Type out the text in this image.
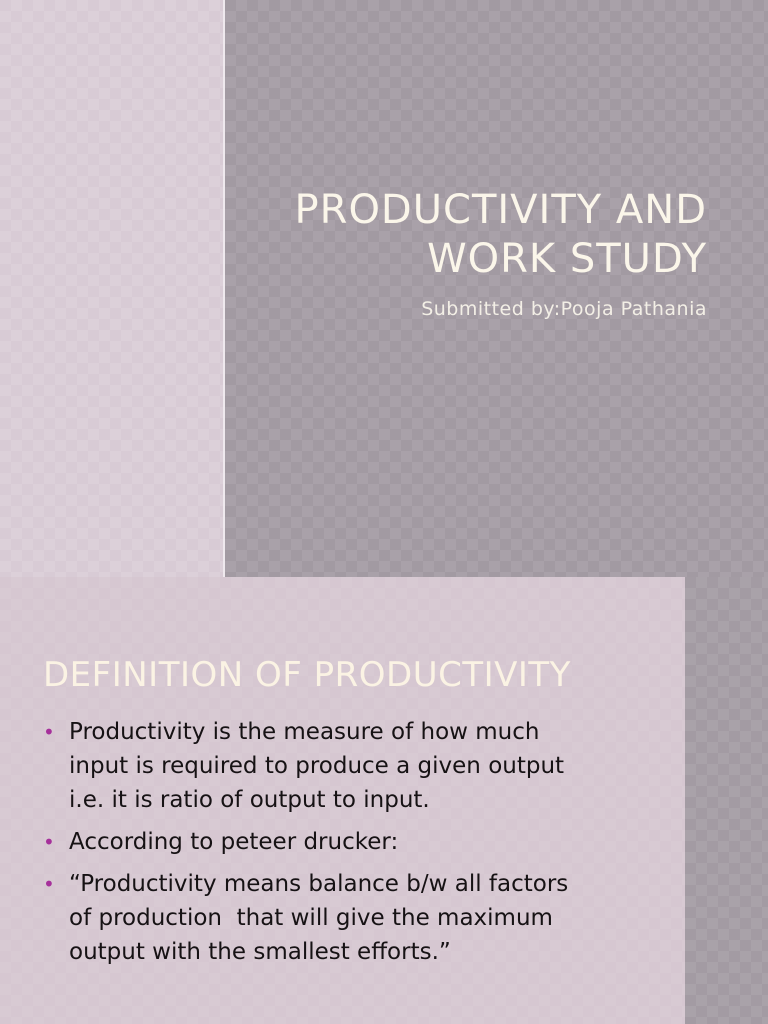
PRODUCTIVITY AND
WORK STUDY
Submitted by:Pooja Pathania
DEFINITION OF PRODUCTIVITY
• Productivity is the measure of how much
input is required to produce a given output
i.e. it is ratio of output to input.
• According to peteer drucker:
• “Productivity means balance b/w all factors
of production  that will give the maximum
output with the smallest efforts.”
